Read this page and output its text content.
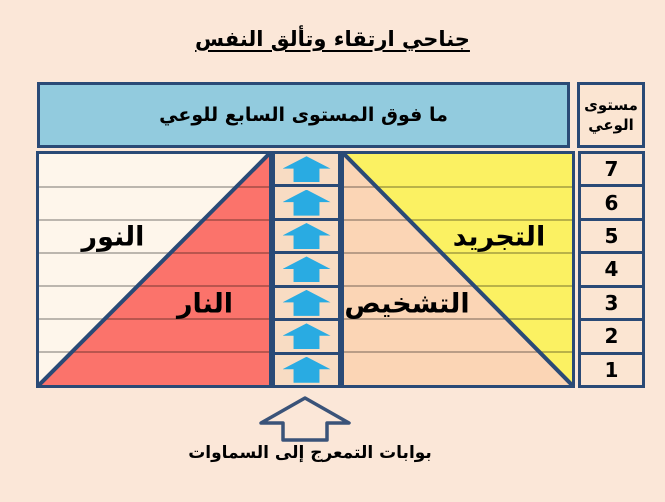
جناحي ارتقاء وتألق النفس
ما فوق المستوى السابع للوعي	مستوى الوعي
النور
النار
التجريد
التشخيص
7
6
5
4
3
2
1
بوابات التمعرج إلى السماوات
